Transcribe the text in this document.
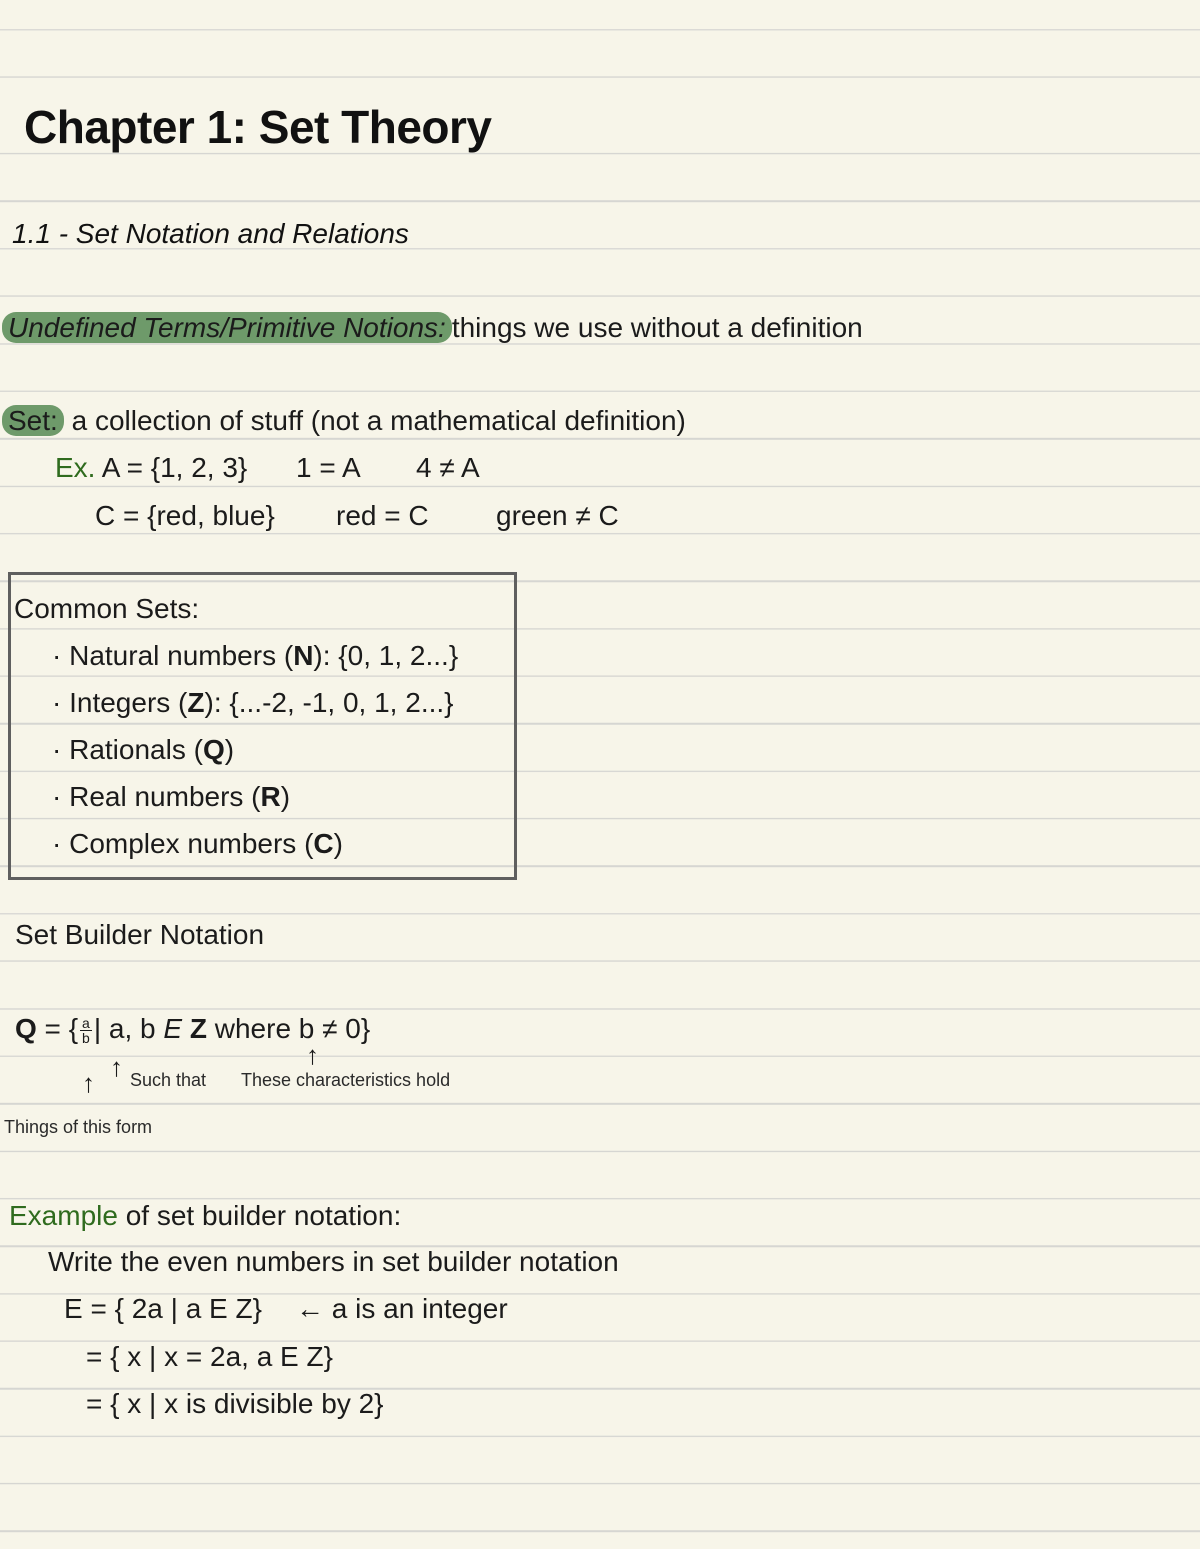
Chapter 1: Set Theory
1.1 - Set Notation and Relations
Undefined Terms/Primitive Notions: things we use without a definition
Set: a collection of stuff (not a mathematical definition)
Ex. A = {1, 2, 3} 1 = A 4 ≠ A
C = {red, blue} red = C green ≠ C
Common Sets:
· Natural numbers (N): {0, 1, 2...}
· Integers (Z): {...-2, -1, 0, 1, 2...}
· Rationals (Q)
· Real numbers (R)
· Complex numbers (C)
Set Builder Notation
Q = { $\frac{a}{b}$ | a, b E Z where b ≠ 0}
↑ Such that
↑
These characteristics hold
↑
Things of this form
Example of set builder notation:
Write the even numbers in set builder notation
E = { 2a | a E Z} ← a is an integer
= { x | x = 2a, a E Z}
= { x | x is divisible by 2}
